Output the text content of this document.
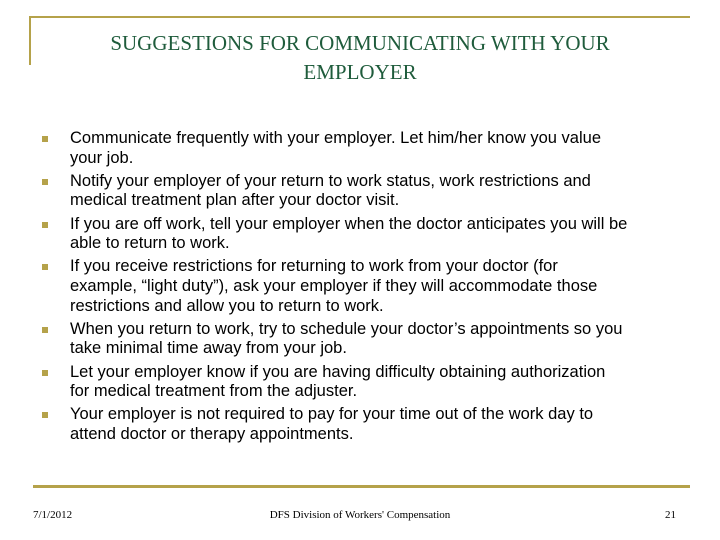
SUGGESTIONS FOR COMMUNICATING WITH YOUR
EMPLOYER
Communicate frequently with your employer. Let him/her know you value
your job.
Notify your employer of your return to work status, work restrictions and
medical treatment plan after your doctor visit.
If you are off work, tell your employer when the doctor anticipates you will be
able to return to work.
If you receive restrictions for returning to work from your doctor (for
example, “light duty”), ask your employer if they will accommodate those
restrictions and allow you to return to work.
When you return to work, try to schedule your doctor’s appointments so you
take minimal time away from your job.
Let your employer know if you are having difficulty obtaining authorization
for medical treatment from the adjuster.
Your employer is not required to pay for your time out of the work day to
attend doctor or therapy appointments.
7/1/2012	DFS Division of Workers' Compensation	21
